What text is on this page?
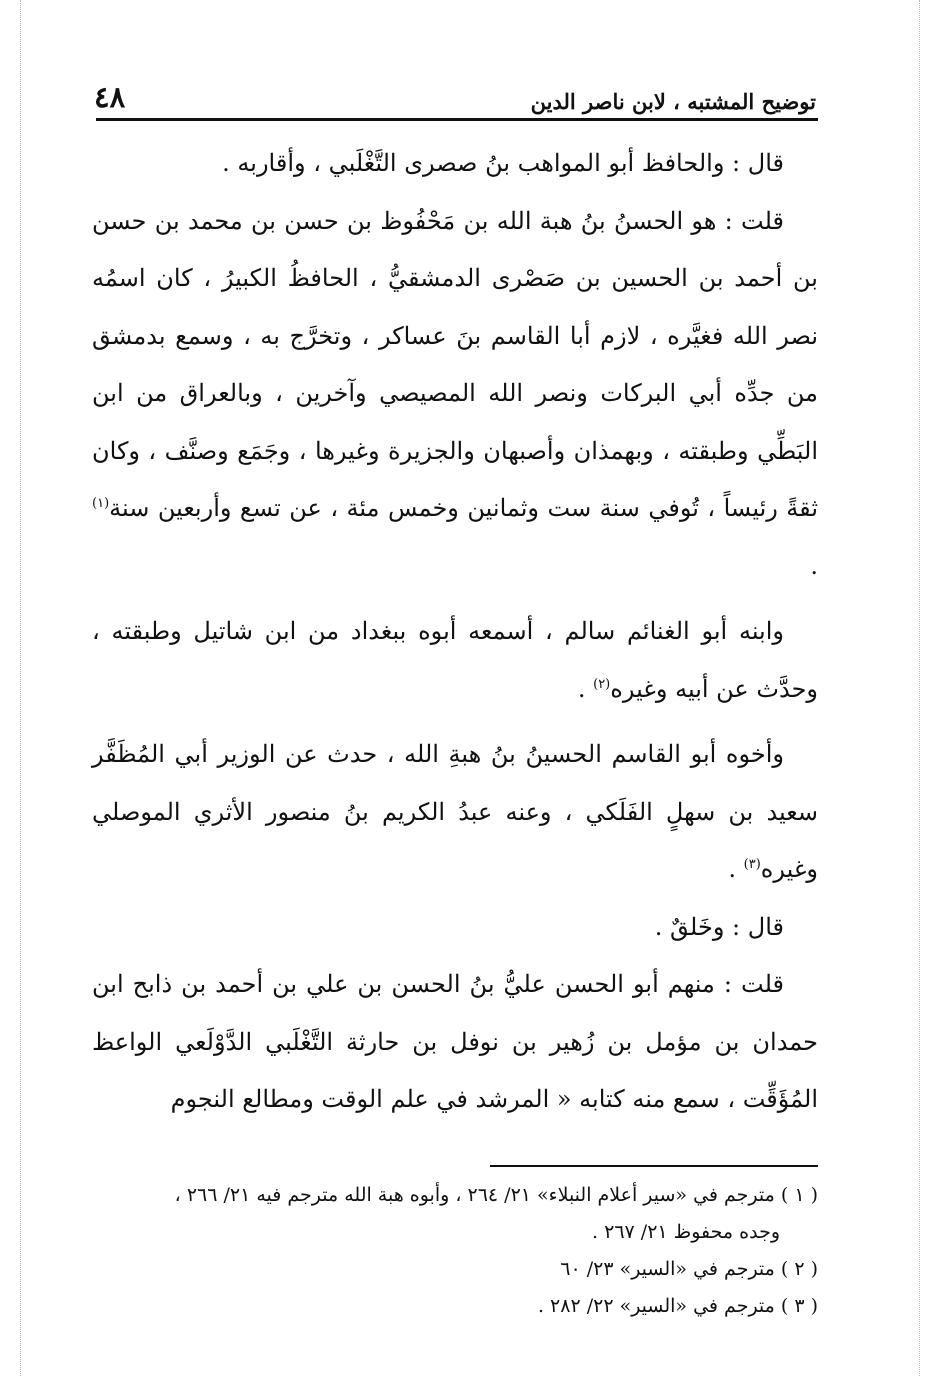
توضيح المشتبه ، لابن ناصر الدين
٤٨

قال : والحافظ أبو المواهب بنُ صصرى التَّغْلَبي ، وأقاربه .

قلت : هو الحسنُ بنُ هبة الله بن مَحْفُوظ بن حسن بن محمد بن حسن بن أحمد بن الحسين بن صَصْرى الدمشقيُّ ، الحافظُ الكبيرُ ، كان اسمُه نصر الله فغيَّره ، لازم أبا القاسم بنَ عساكر ، وتخرَّج به ، وسمع بدمشق من جدِّه أبي البركات ونصر الله المصيصي وآخرين ، وبالعراق من ابن البَطِّي وطبقته ، وبهمذان وأصبهان والجزيرة وغيرها ، وجَمَع وصنَّف ، وكان ثقةً رئيساً ، تُوفي سنة ست وثمانين وخمس مئة ، عن تسع وأربعين سنة$^{(١)}$ .

وابنه أبو الغنائم سالم ، أسمعه أبوه ببغداد من ابن شاتيل وطبقته ، وحدَّث عن أبيه وغيره$^{(٢)}$ .

وأخوه أبو القاسم الحسينُ بنُ هبةِ الله ، حدث عن الوزير أبي المُظَفَّر سعيد بن سهلٍ الفَلَكي ، وعنه عبدُ الكريم بنُ منصور الأثري الموصلي وغيره$^{(٣)}$ .

قال : وخَلقٌ .

قلت : منهم أبو الحسن عليُّ بنُ الحسن بن علي بن أحمد بن ذابح ابن حمدان بن مؤمل بن زُهير بن نوفل بن حارثة التَّغْلَبي الدَّوْلَعي الواعظ المُؤَقِّت ، سمع منه كتابه « المرشد في علم الوقت ومطالع النجوم

( ١ ) مترجم في «سير أعلام النبلاء» ٢١/ ٢٦٤ ، وأبوه هبة الله مترجم فيه ٢١/ ٢٦٦ ،

وجده محفوظ ٢١/ ٢٦٧ .

( ٢ ) مترجم في «السير» ٢٣/ ٦٠

( ٣ ) مترجم في «السير» ٢٢/ ٢٨٢ .
